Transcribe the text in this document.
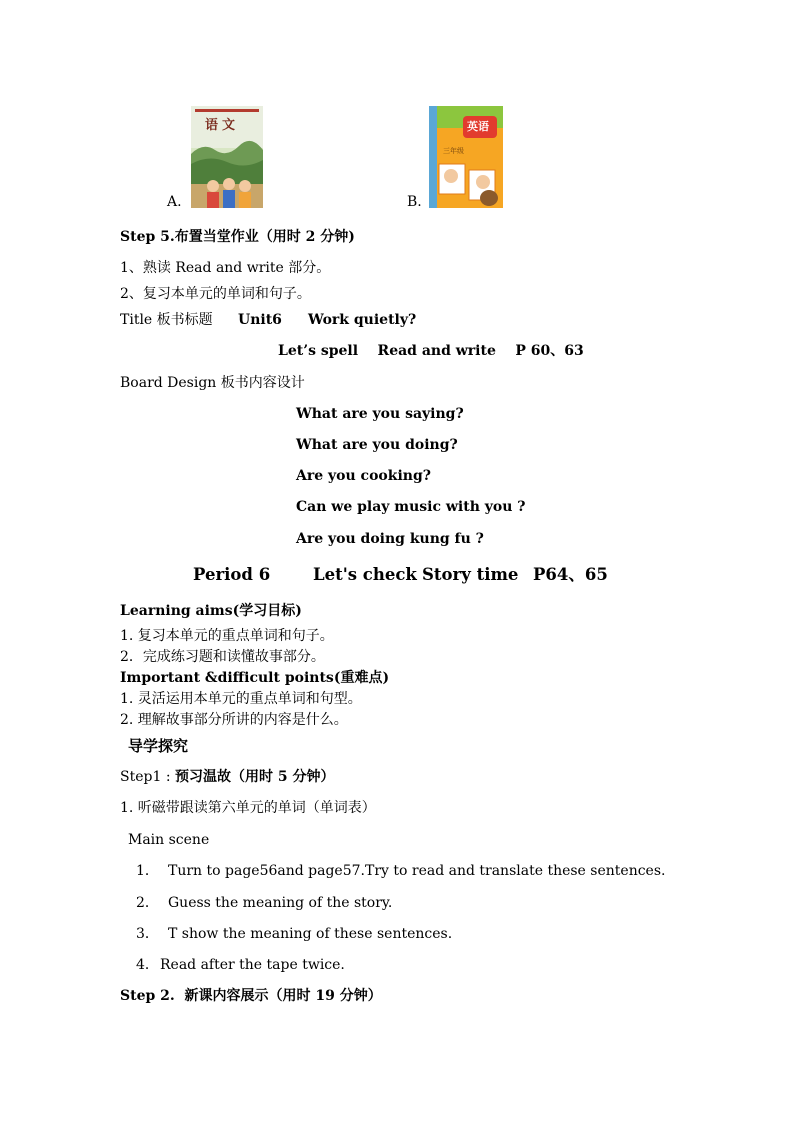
A.
语文
B.
英语
三年级
Step 5.布置当堂作业（用时 2 分钟)
1、熟读 Read and write 部分。
2、复习本单元的单词和句子。
Title 板书标题 Unit6 Work quietly?
Let’s spell    Read and write    P 60、63
Board Design 板书内容设计
What are you saying?
What are you doing?
Are you cooking?
Can we play music with you ?
Are you doing kung fu ?
Period 6	Let's check Story time P64、65
Learning aims(学习目标)
1. 复习本单元的重点单词和句子。
2．完成练习题和读懂故事部分。
Important &difficult points(重难点)
1. 灵活运用本单元的重点单词和句型。
2. 理解故事部分所讲的内容是什么。
导学探究
Step1 : 预习温故（用时 5 分钟）
1. 听磁带跟读第六单元的单词（单词表）
Main scene
1． Turn to page56and page57.Try to read and translate these sentences.
2． Guess the meaning of the story.
3． T show the meaning of these sentences.
4． Read after the tape twice.
Step 2.  新课内容展示（用时 19 分钟）
